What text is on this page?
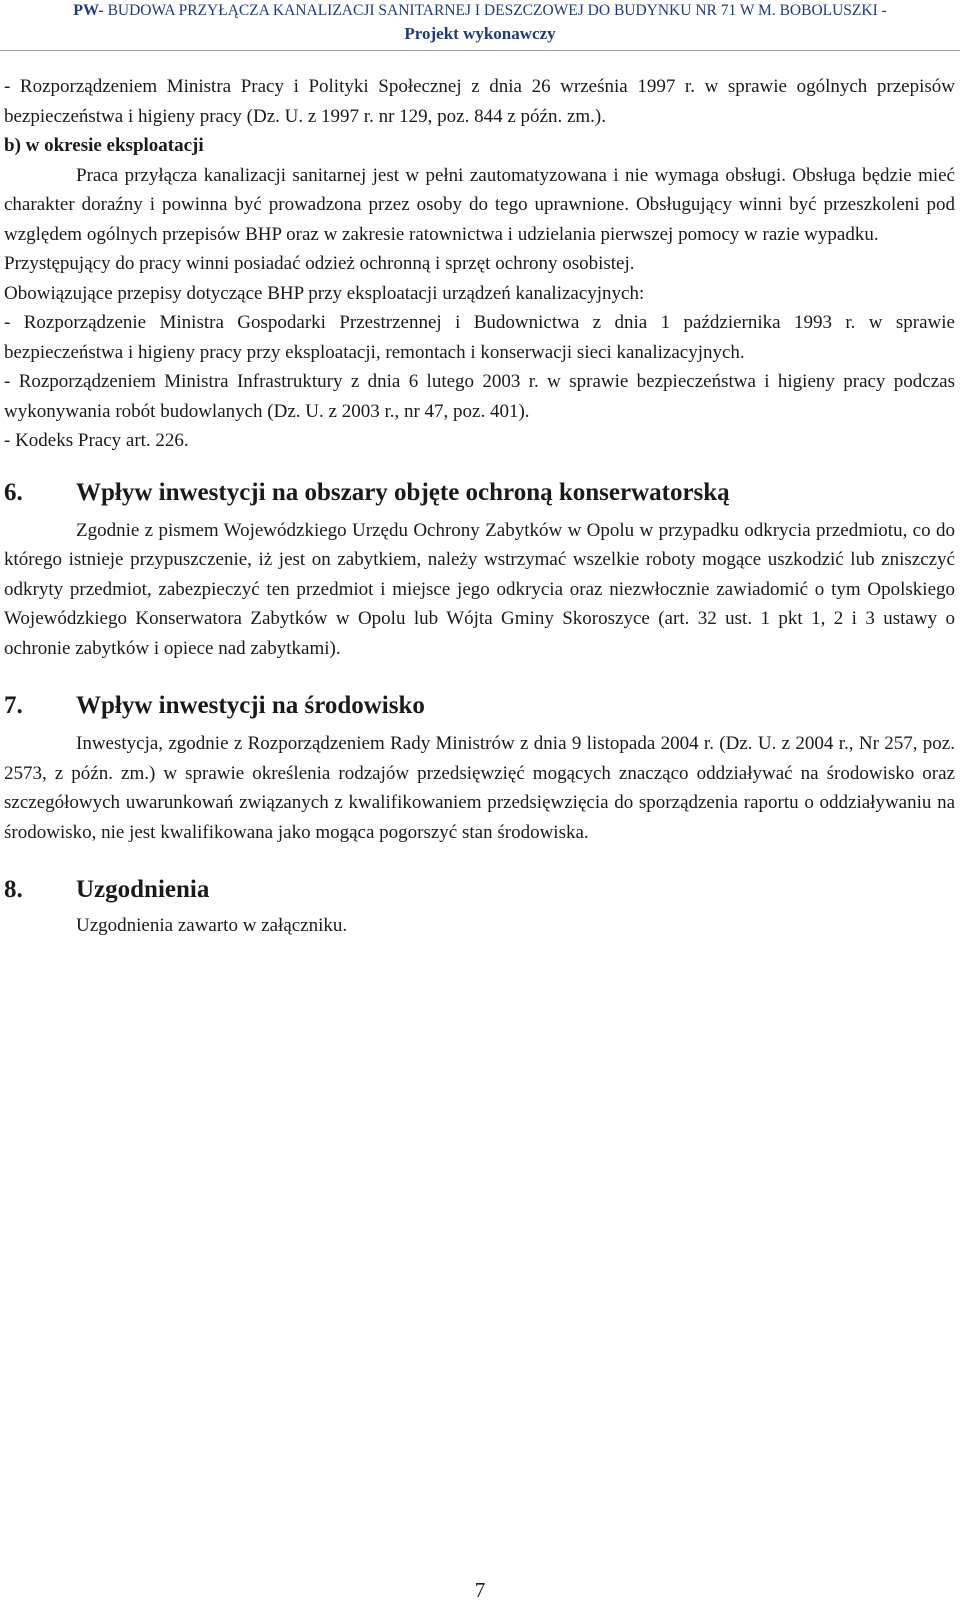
PW- BUDOWA PRZYŁĄCZA KANALIZACJI SANITARNEJ I DESZCZOWEJ DO BUDYNKU NR 71 W M. BOBOLUSZKI -
Projekt wykonawczy

- Rozporządzeniem Ministra Pracy i Polityki Społecznej z dnia 26 września 1997 r. w sprawie ogólnych przepisów bezpieczeństwa i higieny pracy (Dz. U. z 1997 r. nr 129, poz. 844 z późn. zm.).

b) w okresie eksploatacji

Praca przyłącza kanalizacji sanitarnej jest w pełni zautomatyzowana i nie wymaga obsługi. Obsługa będzie mieć charakter doraźny i powinna być prowadzona przez osoby do tego uprawnione. Obsługujący winni być przeszkoleni pod względem ogólnych przepisów BHP oraz w zakresie ratownictwa i udzielania pierwszej pomocy w razie wypadku.

Przystępujący do pracy winni posiadać odzież ochronną i sprzęt ochrony osobistej.

Obowiązujące przepisy dotyczące BHP przy eksploatacji urządzeń kanalizacyjnych:

- Rozporządzenie Ministra Gospodarki Przestrzennej i Budownictwa z dnia 1 października 1993 r. w sprawie bezpieczeństwa i higieny pracy przy eksploatacji, remontach i konserwacji sieci kanalizacyjnych.

- Rozporządzeniem Ministra Infrastruktury z dnia 6 lutego 2003 r. w sprawie bezpieczeństwa i higieny pracy podczas wykonywania robót budowlanych (Dz. U. z 2003 r., nr 47, poz. 401).

- Kodeks Pracy art. 226.

6.	Wpływ inwestycji na obszary objęte ochroną konserwatorską

Zgodnie z pismem Wojewódzkiego Urzędu Ochrony Zabytków w Opolu w przypadku odkrycia przedmiotu, co do którego istnieje przypuszczenie, iż jest on zabytkiem, należy wstrzymać wszelkie roboty mogące uszkodzić lub zniszczyć odkryty przedmiot, zabezpieczyć ten przedmiot i miejsce jego odkrycia oraz niezwłocznie zawiadomić o tym Opolskiego Wojewódzkiego Konserwatora Zabytków w Opolu lub Wójta Gminy Skoroszyce (art. 32 ust. 1 pkt 1, 2 i 3 ustawy o ochronie zabytków i opiece nad zabytkami).

7.	Wpływ inwestycji na środowisko

Inwestycja, zgodnie z Rozporządzeniem Rady Ministrów z dnia 9 listopada 2004 r. (Dz. U. z 2004 r., Nr 257, poz. 2573, z późn. zm.) w sprawie określenia rodzajów przedsięwzięć mogących znacząco oddziaływać na środowisko oraz szczegółowych uwarunkowań związanych z kwalifikowaniem przedsięwzięcia do sporządzenia raportu o oddziaływaniu na środowisko, nie jest kwalifikowana jako mogąca pogorszyć stan środowiska.

8.	Uzgodnienia

Uzgodnienia zawarto w załączniku.

7
